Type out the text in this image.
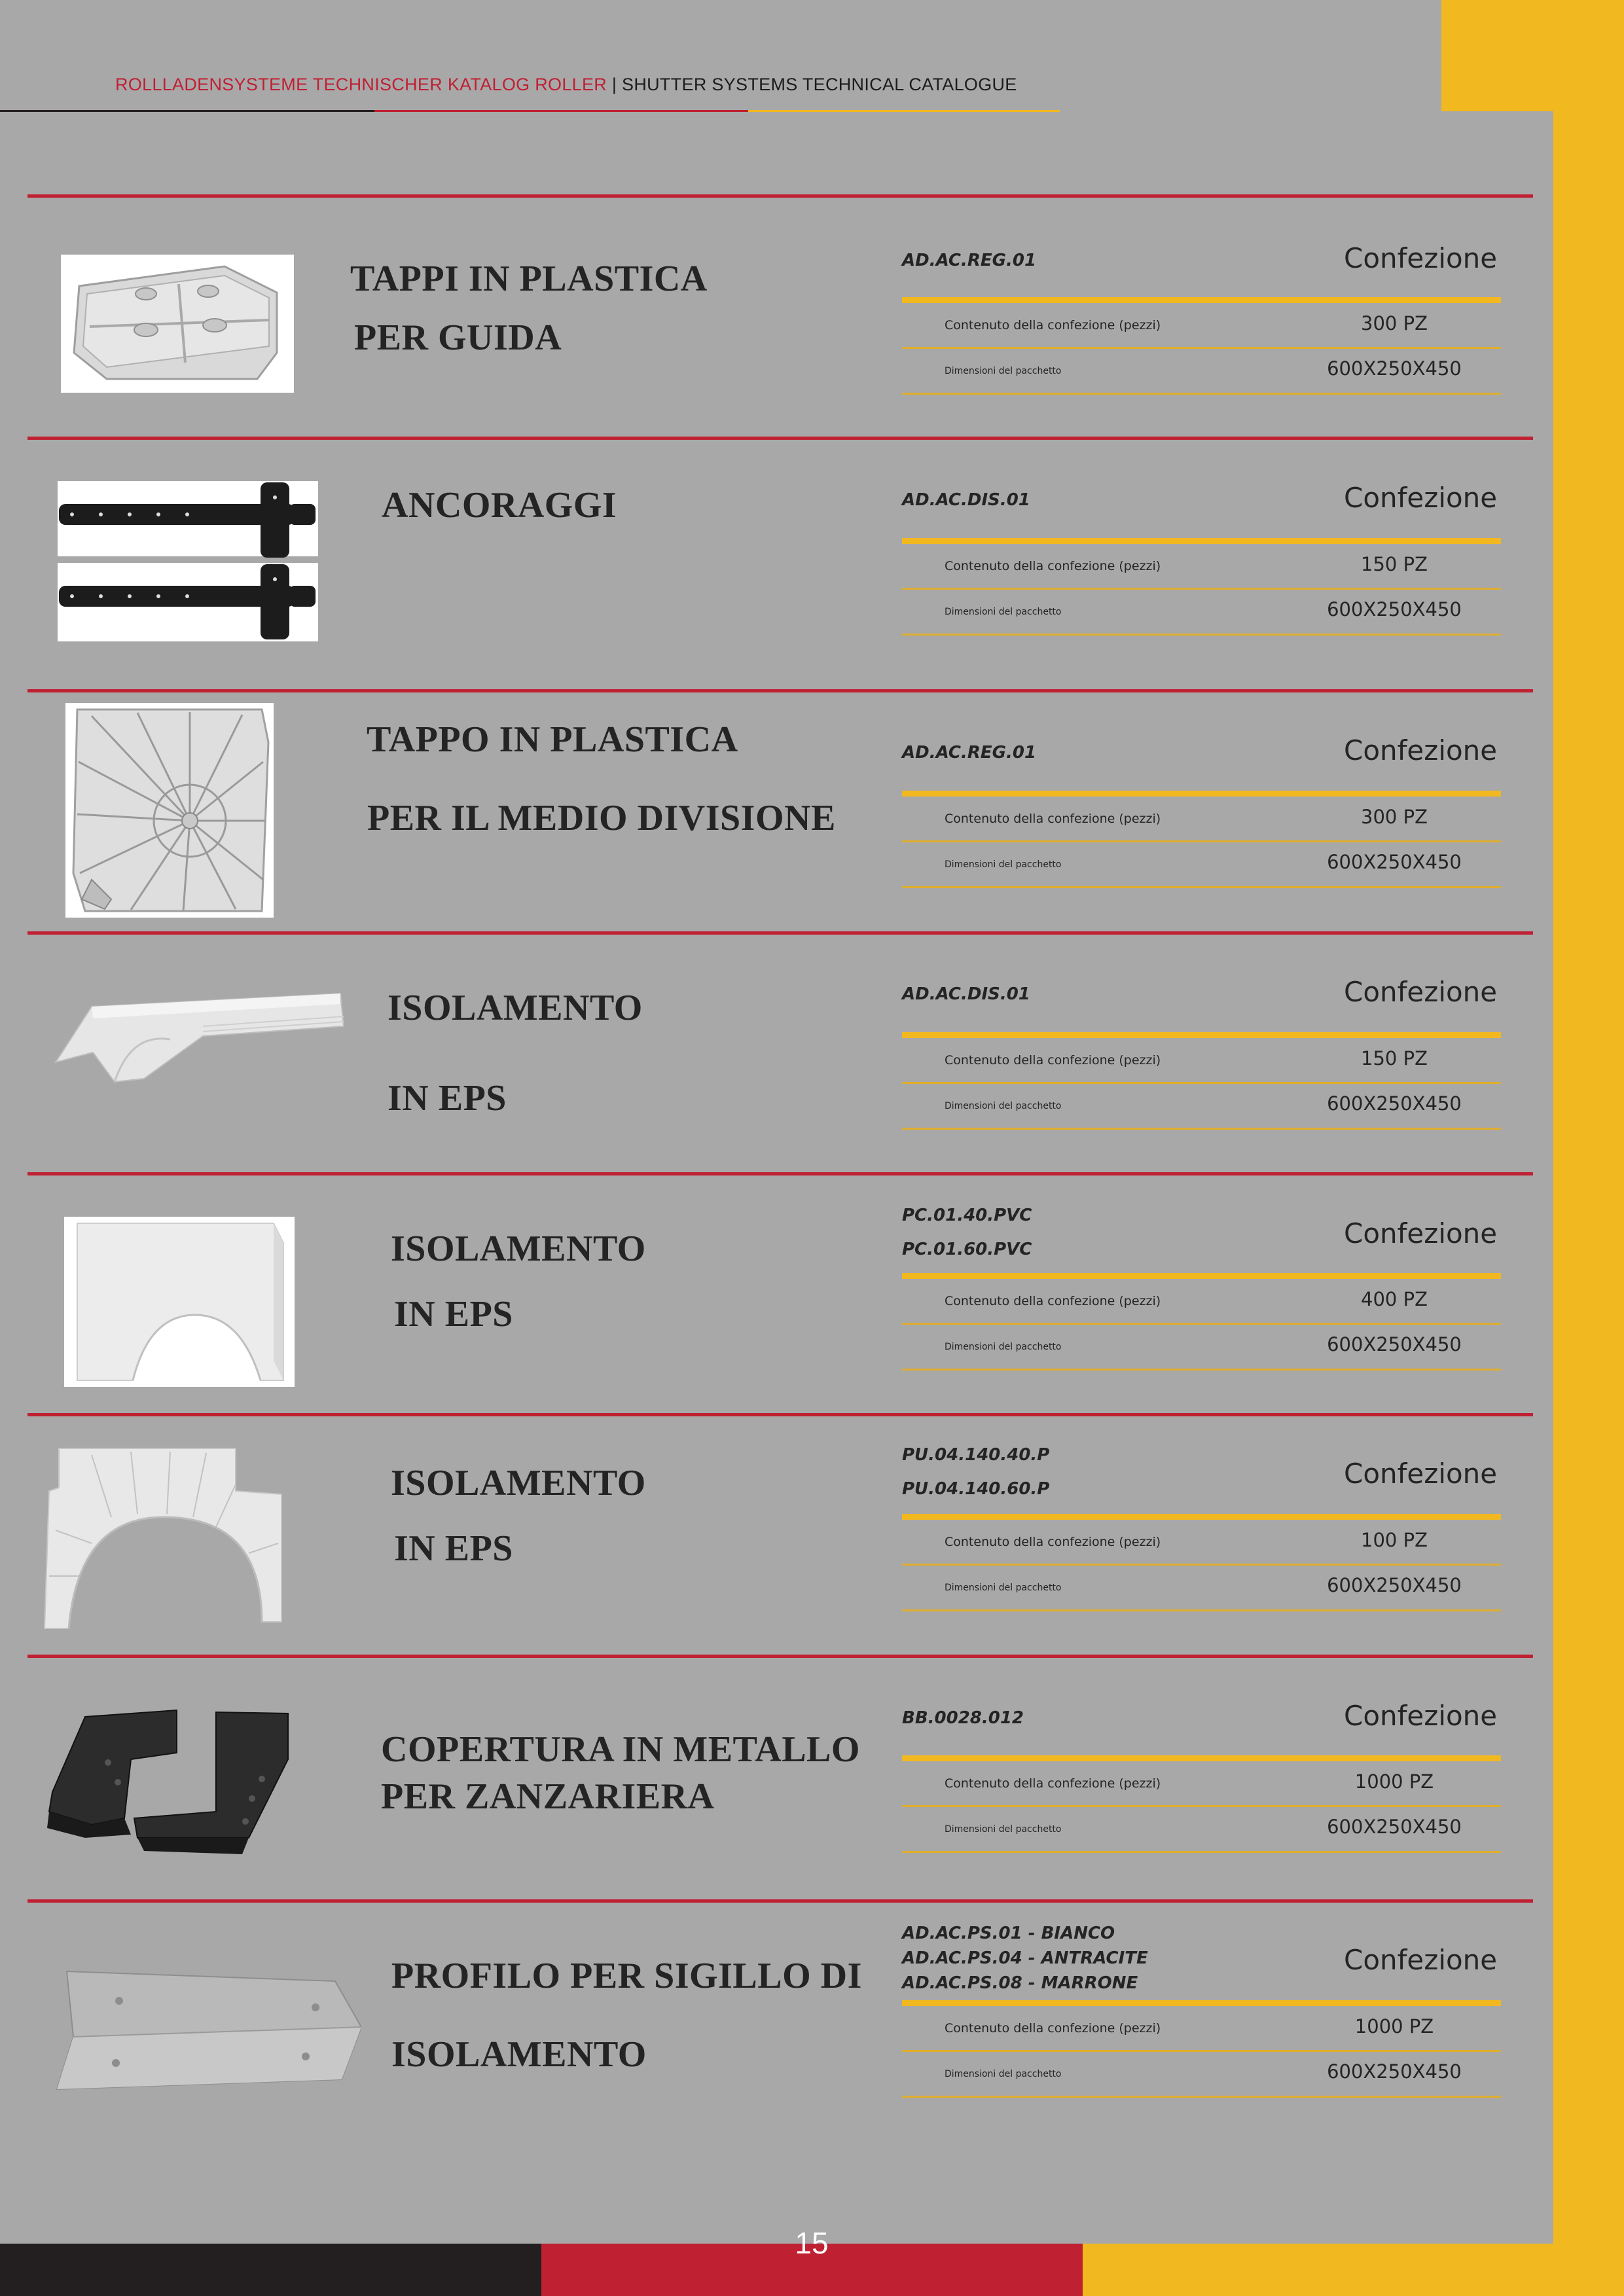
ROLLLADENSYSTEME TECHNISCHER KATALOG ROLLER | SHUTTER SYSTEMS TECHNICAL CATALOGUE
TAPPI IN PLASTICA
PER GUIDA
AD.AC.REG.01	Confezione
Contenuto della confezione (pezzi)	300 PZ
Dimensioni del pacchetto	600X250X450
ANCORAGGI	AD.AC.DIS.01	Confezione
Contenuto della confezione (pezzi)	150 PZ
Dimensioni del pacchetto	600X250X450
TAPPO IN PLASTICA
PER IL MEDIO DIVISIONE
AD.AC.REG.01	Confezione
Contenuto della confezione (pezzi)	300 PZ
Dimensioni del pacchetto	600X250X450
ISOLAMENTO
IN EPS
AD.AC.DIS.01	Confezione
Contenuto della confezione (pezzi)	150 PZ
Dimensioni del pacchetto	600X250X450
ISOLAMENTO
IN EPS
PC.01.40.PVC
PC.01.60.PVC	Confezione
Contenuto della confezione (pezzi)	400 PZ
Dimensioni del pacchetto	600X250X450
ISOLAMENTO
IN EPS
PU.04.140.40.P
PU.04.140.60.P	Confezione
Contenuto della confezione (pezzi)	100 PZ
Dimensioni del pacchetto	600X250X450
COPERTURA IN METALLO
PER ZANZARIERA
BB.0028.012	Confezione
Contenuto della confezione (pezzi)	1000 PZ
Dimensioni del pacchetto	600X250X450
PROFILO PER SIGILLO DI
ISOLAMENTO
AD.AC.PS.01 - BIANCO
AD.AC.PS.04 - ANTRACITE
AD.AC.PS.08 - MARRONE
Confezione
Contenuto della confezione (pezzi)	1000 PZ
Dimensioni del pacchetto	600X250X450
15
